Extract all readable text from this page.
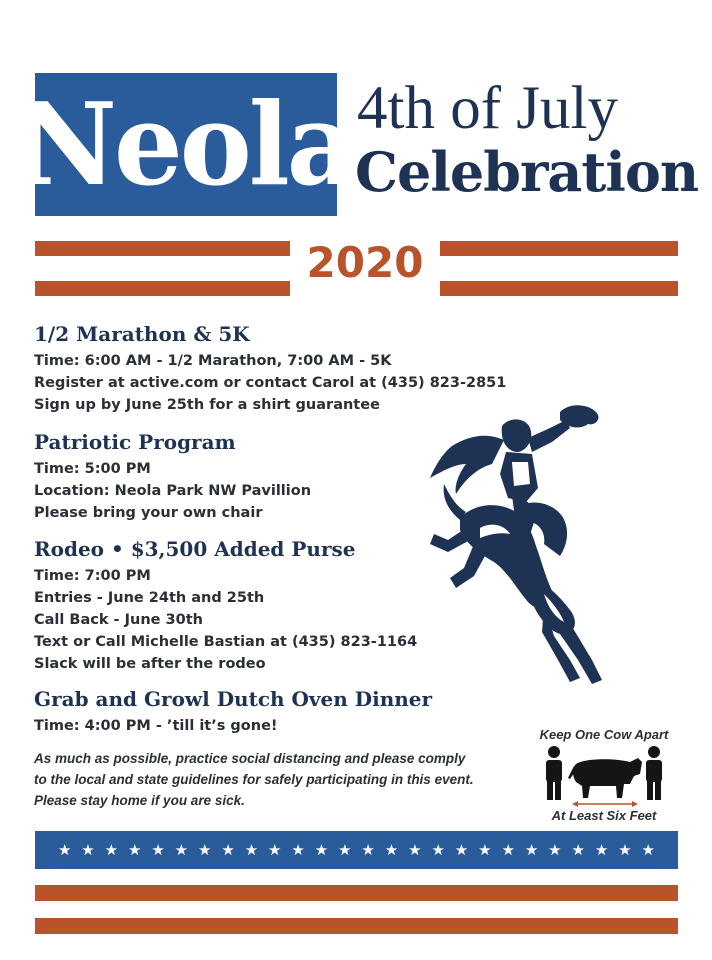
Neola 4th of July
Celebration
2020
1/2 Marathon & 5K
Time: 6:00 AM - 1/2 Marathon, 7:00 AM - 5K
Register at active.com or contact Carol at (435) 823-2851
Sign up by June 25th for a shirt guarantee
Patriotic Program
Time: 5:00 PM
Location: Neola Park NW Pavillion
Please bring your own chair
Rodeo • $3,500 Added Purse
Time: 7:00 PM
Entries - June 24th and 25th
Call Back - June 30th
Text or Call Michelle Bastian at (435) 823-1164
Slack will be after the rodeo
Grab and Growl Dutch Oven Dinner
Time: 4:00 PM - ’till it’s gone!
As much as possible, practice social distancing and please comply
to the local and state guidelines for safely participating in this event.
Please stay home if you are sick.
Keep One Cow Apart
At Least Six Feet
★ ★ ★ ★ ★ ★ ★ ★ ★ ★ ★ ★ ★ ★ ★ ★ ★ ★ ★ ★ ★ ★ ★ ★ ★ ★
